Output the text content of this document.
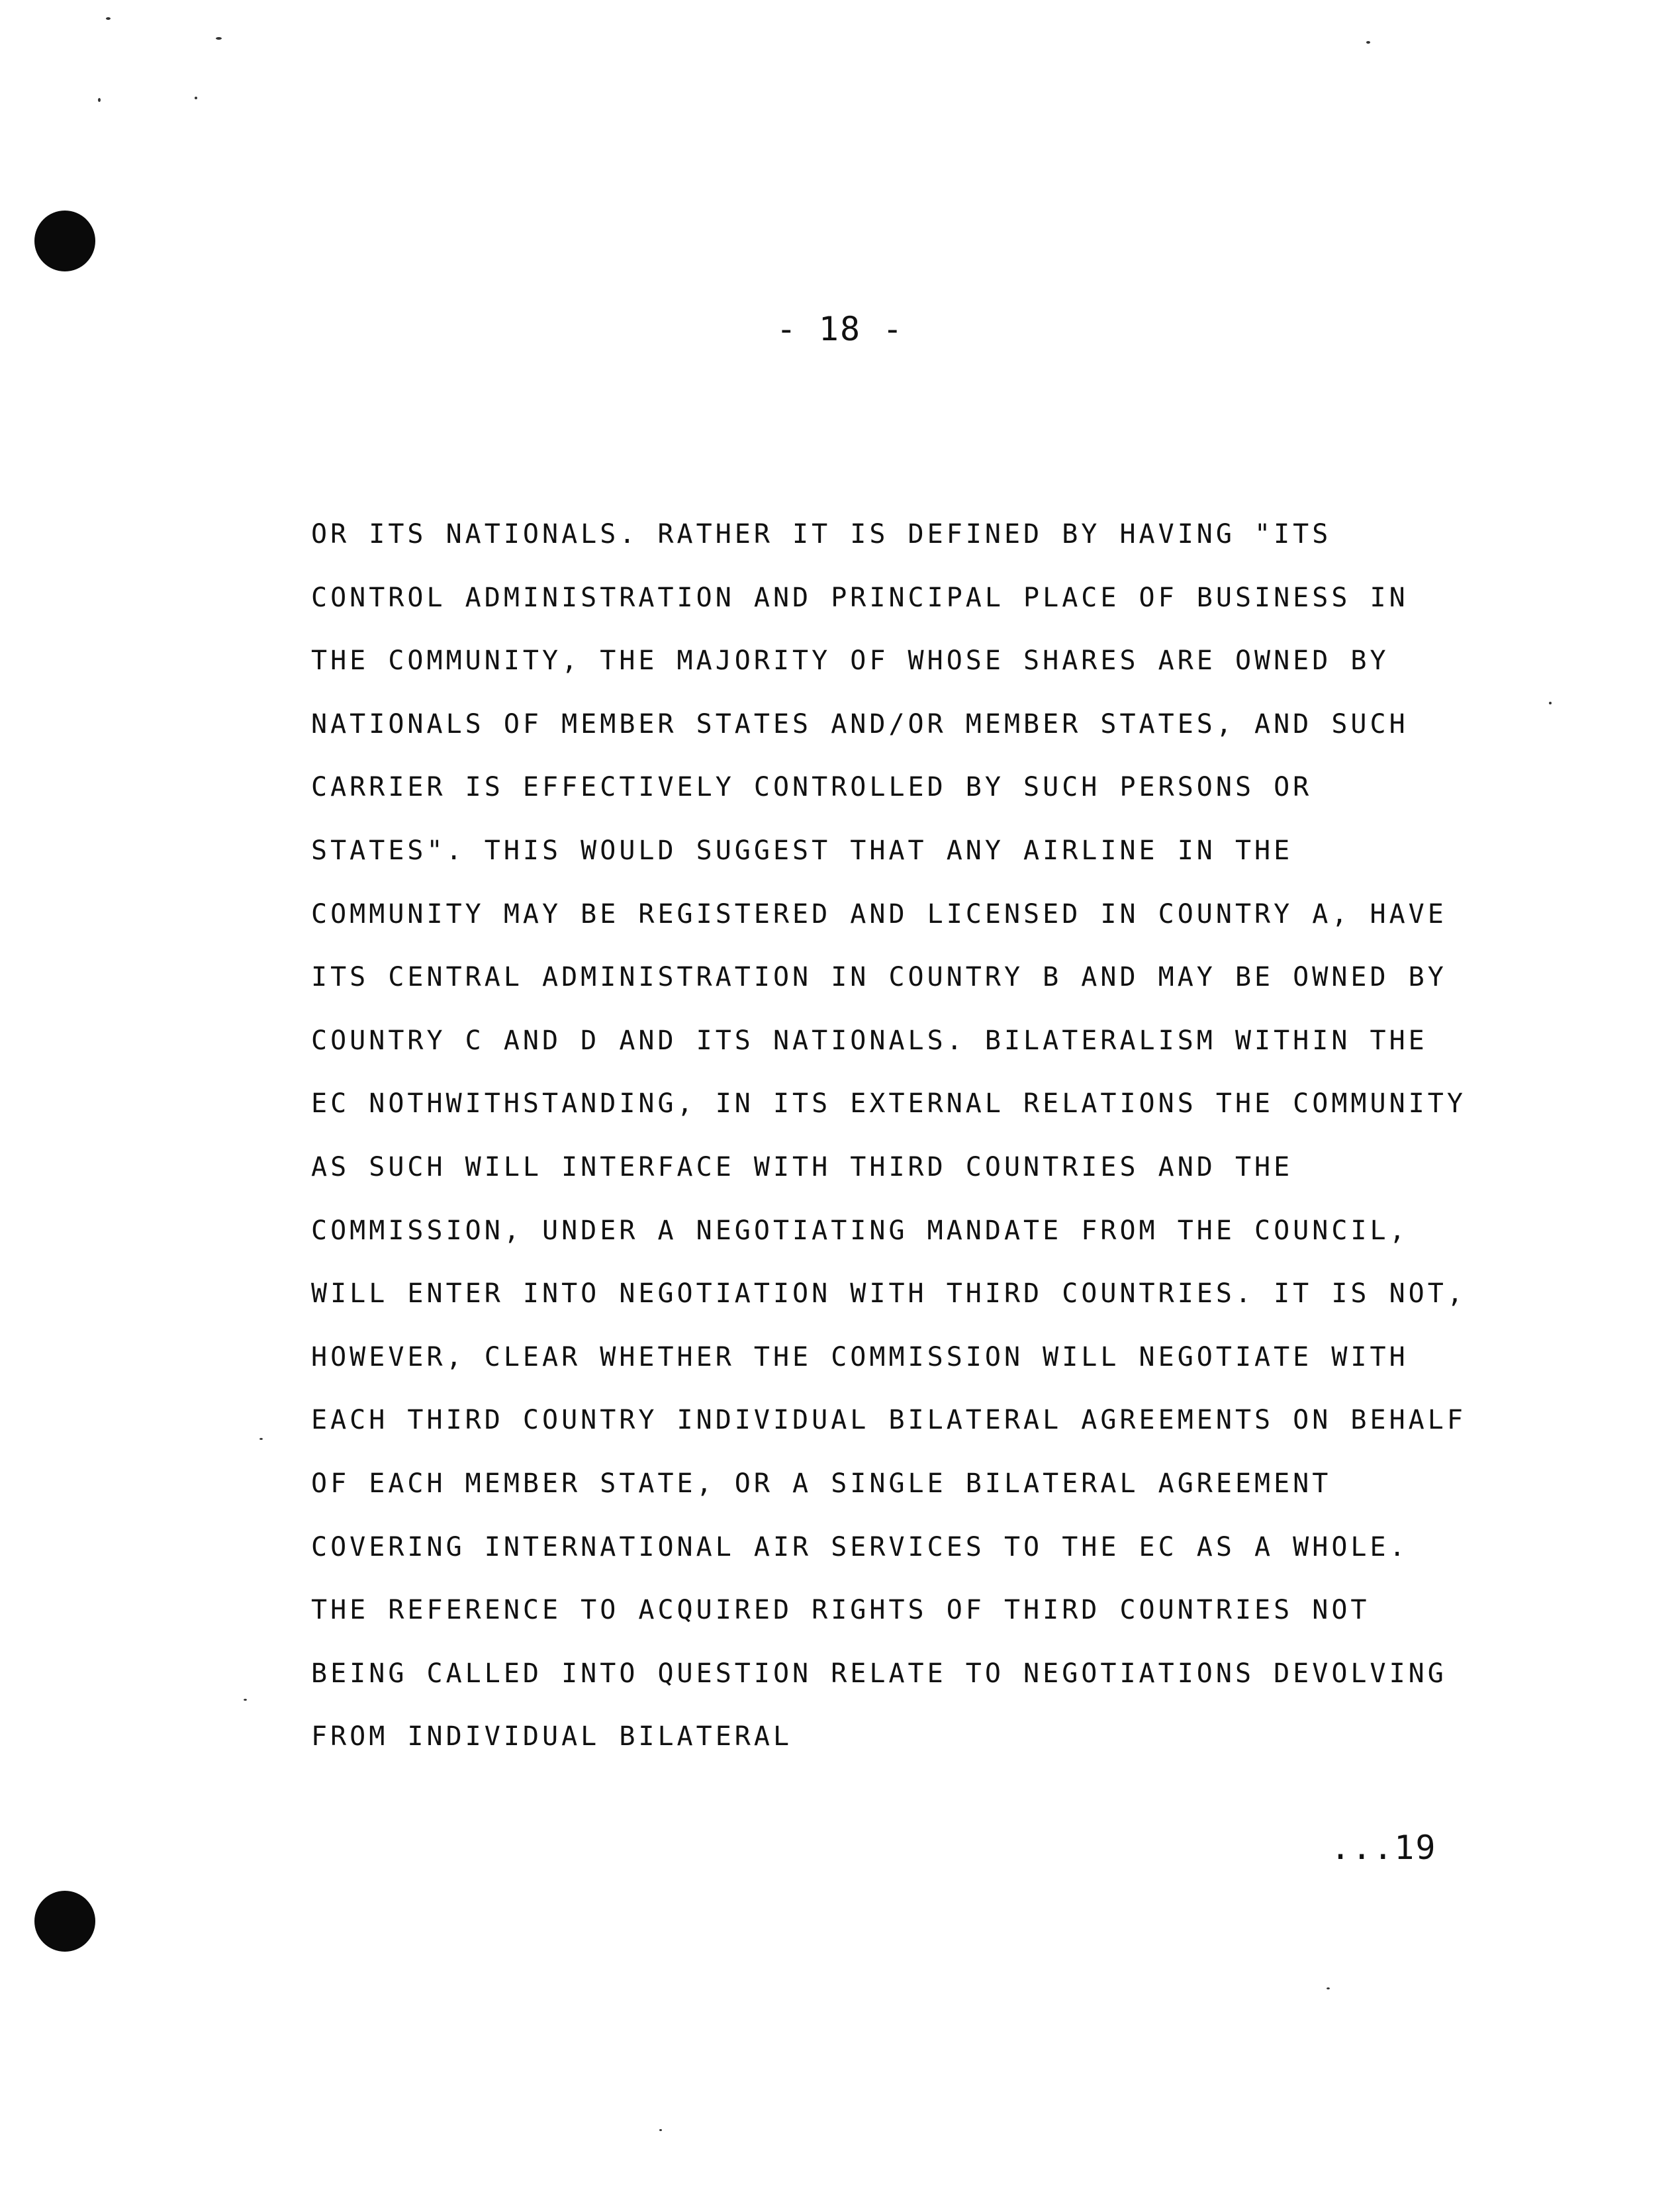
- 18 -
OR ITS NATIONALS. RATHER IT IS DEFINED BY HAVING "ITS
CONTROL ADMINISTRATION AND PRINCIPAL PLACE OF BUSINESS IN
THE COMMUNITY, THE MAJORITY OF WHOSE SHARES ARE OWNED BY
NATIONALS OF MEMBER STATES AND/OR MEMBER STATES, AND SUCH
CARRIER IS EFFECTIVELY CONTROLLED BY SUCH PERSONS OR
STATES". THIS WOULD SUGGEST THAT ANY AIRLINE IN THE
COMMUNITY MAY BE REGISTERED AND LICENSED IN COUNTRY A, HAVE
ITS CENTRAL ADMINISTRATION IN COUNTRY B AND MAY BE OWNED BY
COUNTRY C AND D AND ITS NATIONALS. BILATERALISM WITHIN THE
EC NOTHWITHSTANDING, IN ITS EXTERNAL RELATIONS THE COMMUNITY
AS SUCH WILL INTERFACE WITH THIRD COUNTRIES AND THE
COMMISSION, UNDER A NEGOTIATING MANDATE FROM THE COUNCIL,
WILL ENTER INTO NEGOTIATION WITH THIRD COUNTRIES. IT IS NOT,
HOWEVER, CLEAR WHETHER THE COMMISSION WILL NEGOTIATE WITH
EACH THIRD COUNTRY INDIVIDUAL BILATERAL AGREEMENTS ON BEHALF
OF EACH MEMBER STATE, OR A SINGLE BILATERAL AGREEMENT
COVERING INTERNATIONAL AIR SERVICES TO THE EC AS A WHOLE.
THE REFERENCE TO ACQUIRED RIGHTS OF THIRD COUNTRIES NOT
BEING CALLED INTO QUESTION RELATE TO NEGOTIATIONS DEVOLVING
FROM INDIVIDUAL BILATERAL
...19
